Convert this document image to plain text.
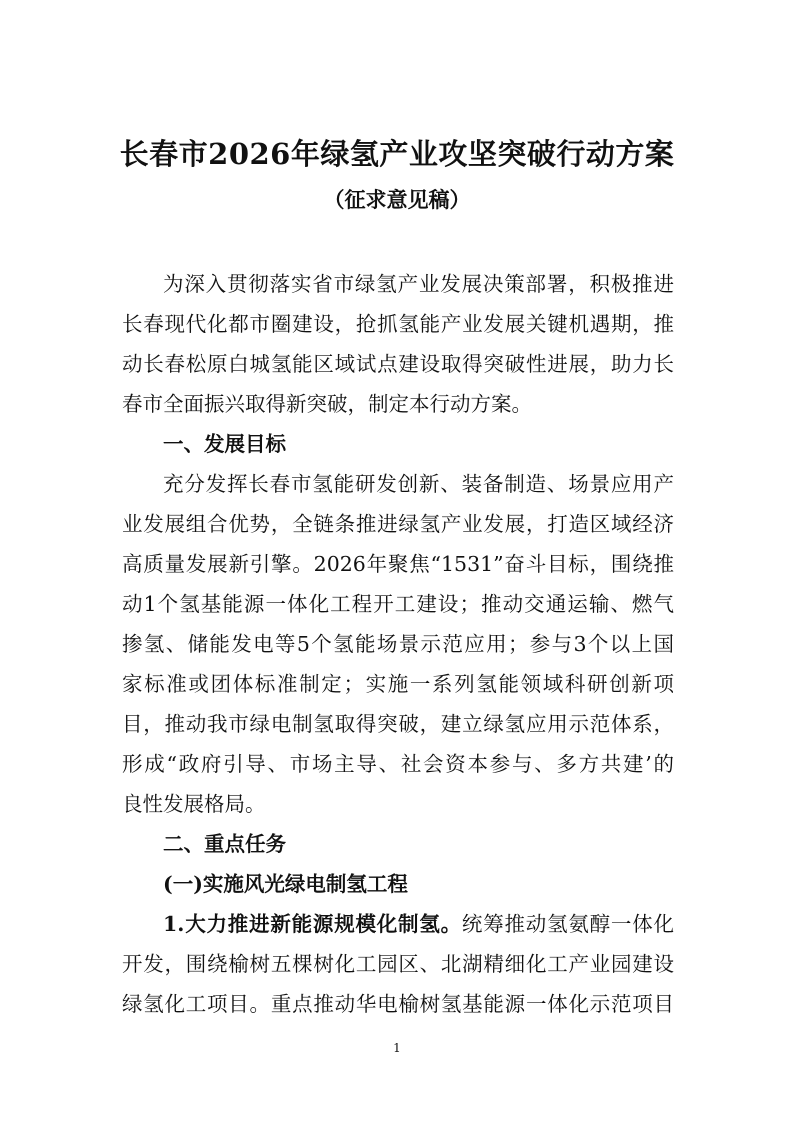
长春市2026年绿氢产业攻坚突破行动方案
（征求意见稿）
为深入贯彻落实省市绿氢产业发展决策部署，积极推进
长春现代化都市圈建设，抢抓氢能产业发展关键机遇期，推
动长春松原白城氢能区域试点建设取得突破性进展，助力长
春市全面振兴取得新突破，制定本行动方案。
一、发展目标
充分发挥长春市氢能研发创新、装备制造、场景应用产
业发展组合优势，全链条推进绿氢产业发展，打造区域经济
高质量发展新引擎。2026年聚焦“1531”奋斗目标，围绕推
动1个氢基能源一体化工程开工建设；推动交通运输、燃气
掺氢、储能发电等5个氢能场景示范应用；参与3个以上国
家标准或团体标准制定；实施一系列氢能领域科研创新项
目，推动我市绿电制氢取得突破，建立绿氢应用示范体系，
形成“政府引导、市场主导、社会资本参与、多方共建’的
良性发展格局。
二、重点任务
(一)实施风光绿电制氢工程
1.大力推进新能源规模化制氢。统筹推动氢氨醇一体化
开发，围绕榆树五棵树化工园区、北湖精细化工产业园建设
绿氢化工项目。重点推动华电榆树氢基能源一体化示范项目
1
